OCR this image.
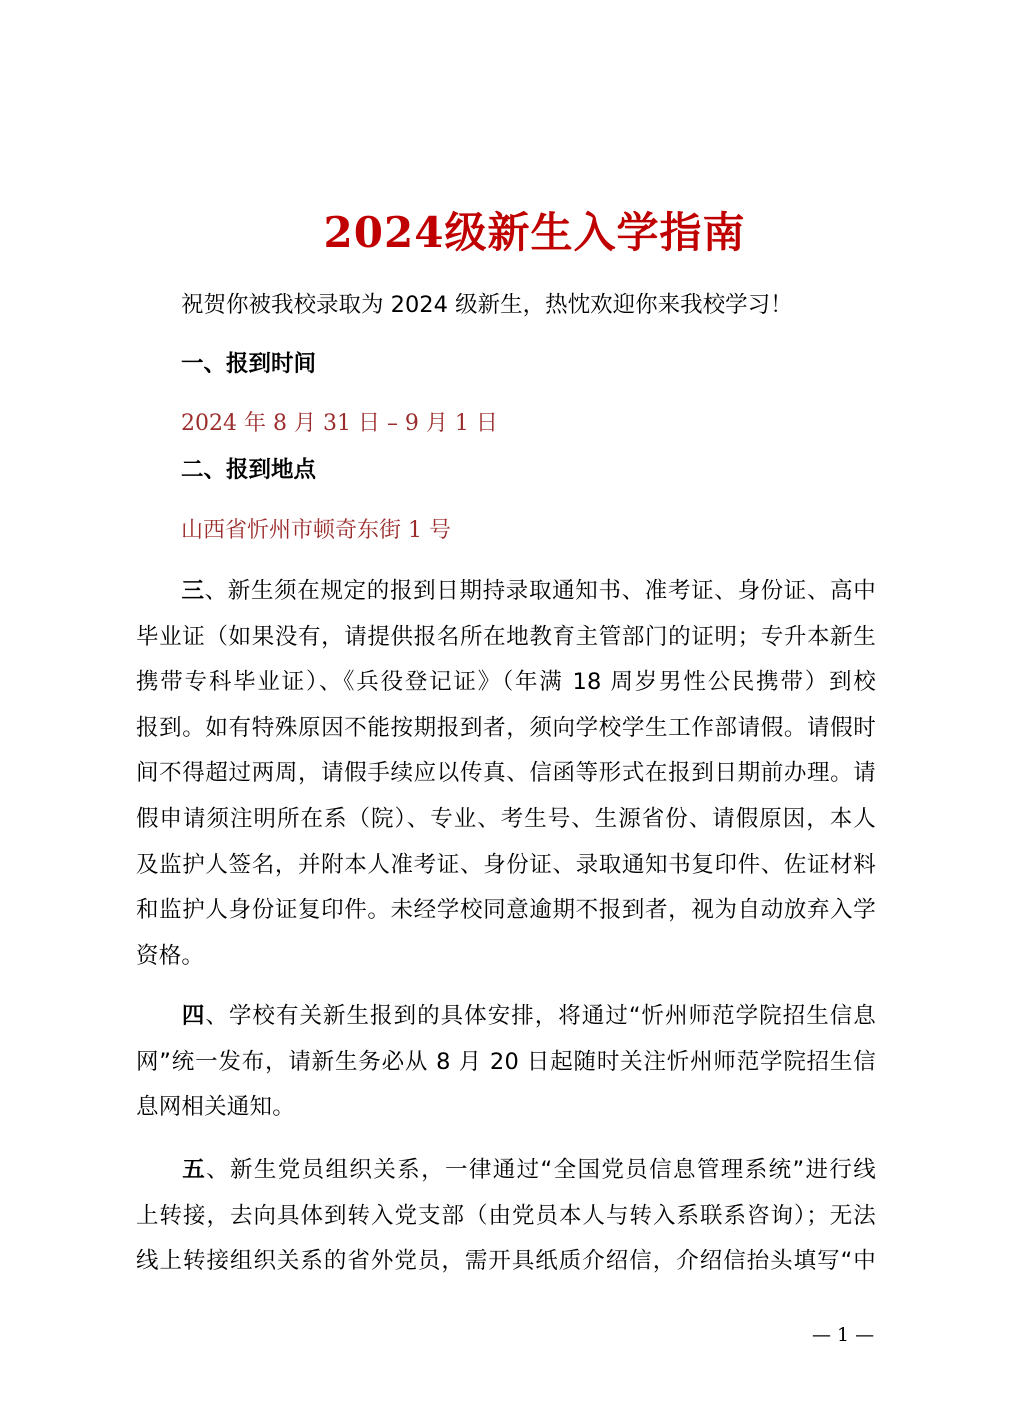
2024级新生入学指南
祝贺你被我校录取为 2024 级新生，热忱欢迎你来我校学习！
一、报到时间
2024 年 8 月 31 日 – 9 月 1 日
二、报到地点
山西省忻州市顿奇东街 1 号
三、新生须在规定的报到日期持录取通知书、准考证、身份证、高中
毕业证（如果没有，请提供报名所在地教育主管部门的证明；专升本新生
携带专科毕业证）、《兵役登记证》（年满 18 周岁男性公民携带）到校
报到。如有特殊原因不能按期报到者，须向学校学生工作部请假。请假时
间不得超过两周，请假手续应以传真、信函等形式在报到日期前办理。请
假申请须注明所在系（院）、专业、考生号、生源省份、请假原因，本人
及监护人签名，并附本人准考证、身份证、录取通知书复印件、佐证材料
和监护人身份证复印件。未经学校同意逾期不报到者，视为自动放弃入学
资格。
四、学校有关新生报到的具体安排，将通过“忻州师范学院招生信息
网”统一发布，请新生务必从 8 月 20 日起随时关注忻州师范学院招生信
息网相关通知。
五、新生党员组织关系，一律通过“全国党员信息管理系统”进行线
上转接，去向具体到转入党支部（由党员本人与转入系联系咨询）；无法
线上转接组织关系的省外党员，需开具纸质介绍信，介绍信抬头填写“中
— 1 —
